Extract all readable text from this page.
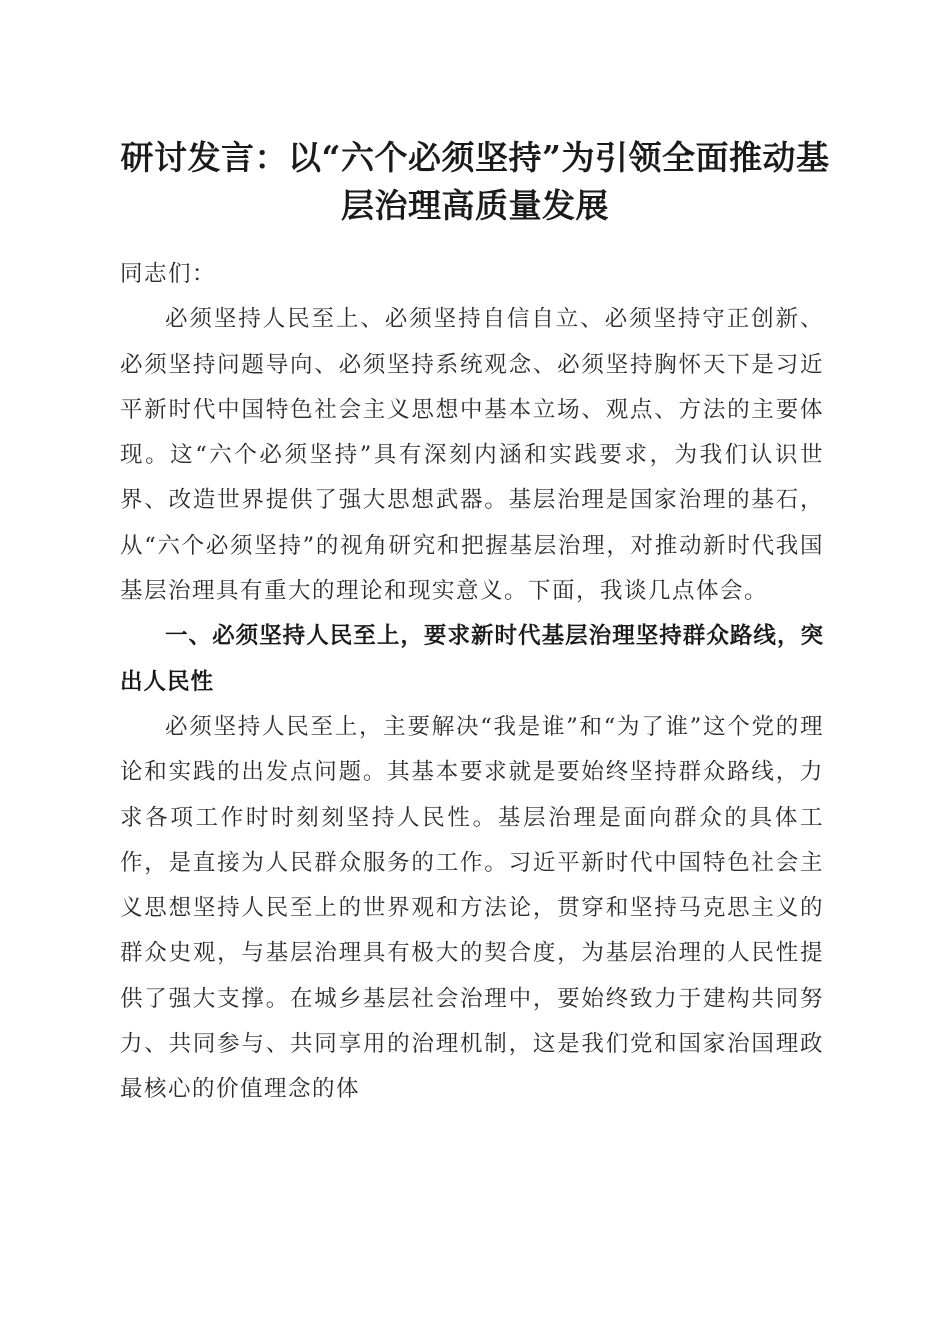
研讨发言：以“六个必须坚持”为引领全面推动基层治理高质量发展

同志们：

必须坚持人民至上、必须坚持自信自立、必须坚持守正创新、必须坚持问题导向、必须坚持系统观念、必须坚持胸怀天下是习近平新时代中国特色社会主义思想中基本立场、观点、方法的主要体现。这“六个必须坚持”具有深刻内涵和实践要求，为我们认识世界、改造世界提供了强大思想武器。基层治理是国家治理的基石，从“六个必须坚持”的视角研究和把握基层治理，对推动新时代我国基层治理具有重大的理论和现实意义。下面，我谈几点体会。

一、必须坚持人民至上，要求新时代基层治理坚持群众路线，突出人民性

必须坚持人民至上，主要解决“我是谁”和“为了谁”这个党的理论和实践的出发点问题。其基本要求就是要始终坚持群众路线，力求各项工作时时刻刻坚持人民性。基层治理是面向群众的具体工作，是直接为人民群众服务的工作。习近平新时代中国特色社会主义思想坚持人民至上的世界观和方法论，贯穿和坚持马克思主义的群众史观，与基层治理具有极大的契合度，为基层治理的人民性提供了强大支撑。在城乡基层社会治理中，要始终致力于建构共同努力、共同参与、共同享用的治理机制，这是我们党和国家治国理政最核心的价值理念的体
